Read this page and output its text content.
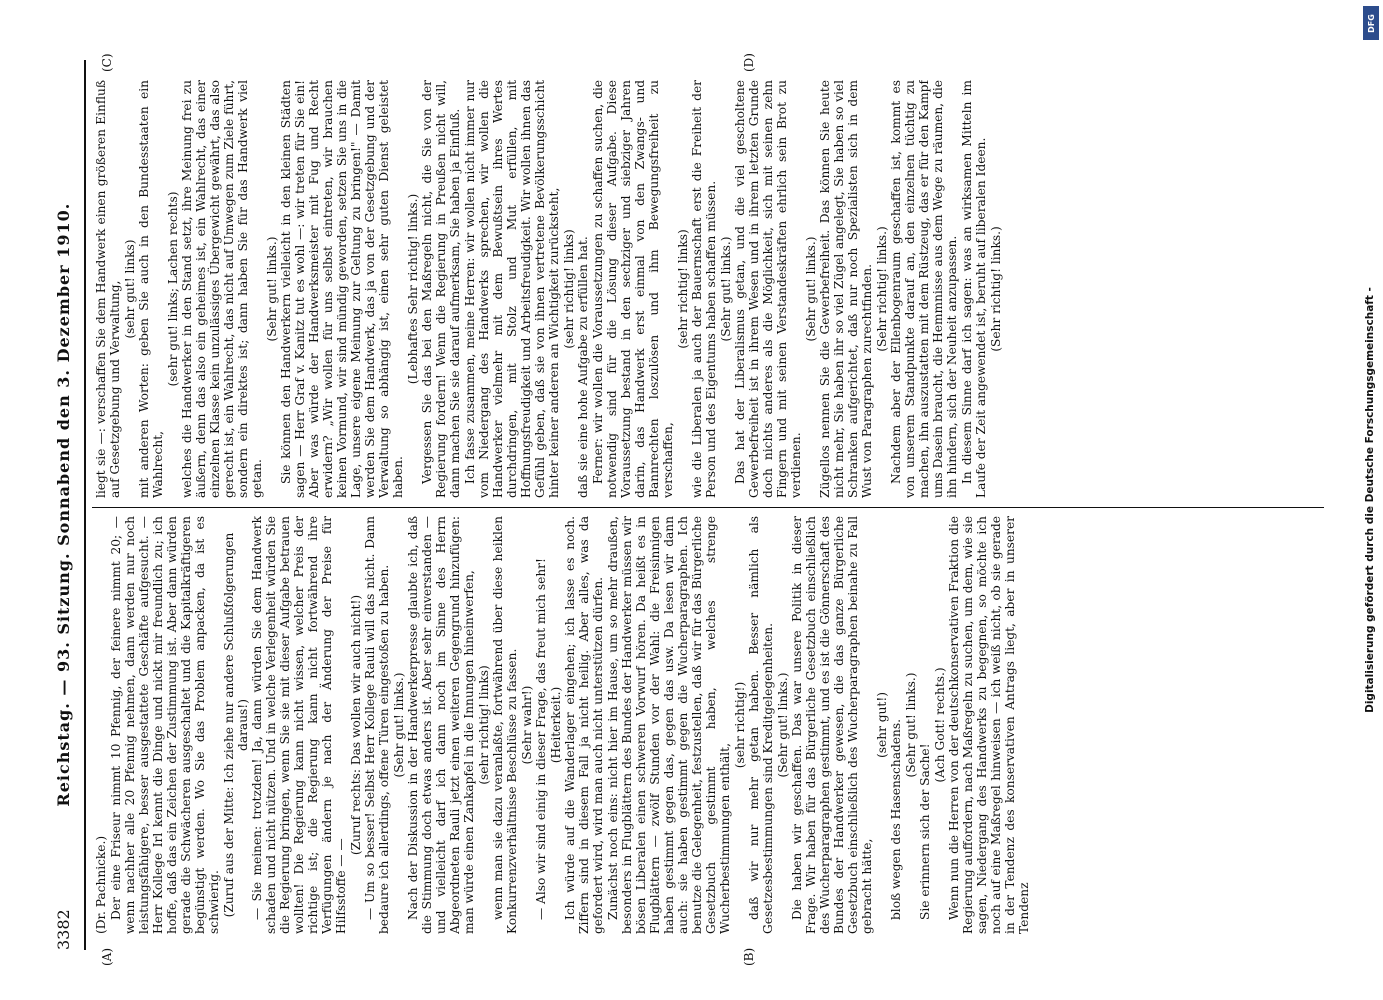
3382
Reichstag. — 93. Sitzung. Sonnabend den 3. Dezember 1910.
(A)	(B)
(C)	(D)

(Dr. Pachnicke.) Der eine Friseur nimmt 10 Pfennig, der feinere nimmt 20; — wenn nachher alle 20 Pfennig nehmen, dann werden nur noch leistungsfähigere, besser ausgestattete Geschäfte aufgesucht. — Herr Kollege Irl kennt die Dinge und nickt mir freundlich zu; ich hoffe, daß das ein Zeichen der Zustimmung ist. Aber dann würden gerade die Schwächeren ausgeschaltet und die Kapitalkräftigeren begünstigt werden. Wo Sie das Problem anpacken, da ist es schwierig. (Zuruf aus der Mitte: Ich ziehe nur andere Schlußfolgerungen daraus!) — Sie meinen: trotzdem! Ja, dann würden Sie dem Handwerk schaden und nicht nützen. Und in welche Verlegenheit würden Sie die Regierung bringen, wenn Sie sie mit dieser Aufgabe betrauen wollten! Die Regierung kann nicht wissen, welcher Preis der richtige ist; die Regierung kann nicht fortwährend ihre Verfügungen ändern je nach der Änderung der Preise für Hilfsstoffe — —

(Zuruf rechts: Das wollen wir auch nicht!) — Um so besser! Selbst Herr Kollege Rauli will das nicht. Dann bedaure ich allerdings, offene Türen eingestoßen zu haben. (Sehr gut! links.) Nach der Diskussion in der Handwerkerpresse glaubte ich, daß die Stimmung doch etwas anders ist. Aber sehr einverstanden — und vielleicht darf ich dann noch im Sinne des Herrn Abgeordneten Rauli jetzt einen weiteren Gegengrund hinzufügen: man würde einen Zankapfel in die Innungen hineinwerfen, (sehr richtig! links) wenn man sie dazu veranlaßte, fortwährend über diese heiklen Konkurrenzverhältnisse Beschlüsse zu fassen. (Sehr wahr!) — Also wir sind einig in dieser Frage, das freut mich sehr! (Heiterkeit.) Ich würde auf die Wanderlager eingehen; ich lasse es noch. Ziffern sind in diesem Fall ja nicht heilig. Aber alles, was da gefordert wird, wird man auch nicht unterstützen dürfen. Zunächst noch eins: nicht hier im Hause, um so mehr draußen, besonders in Flugblättern des Bundes der Handwerker müssen wir bösen Liberalen einen schweren Vorwurf hören. Da heißt es in Flugblättern — zwölf Stunden vor der Wahl: die Freisinnigen haben gestimmt gegen das, gegen das usw. Da lesen wir dann auch: sie haben gestimmt gegen die Wucherparagraphen. Ich benutze die Gelegenheit, festzustellen, daß wir für das Bürgerliche Gesetzbuch gestimmt haben, welches strenge Wucherbestimmungen enthält,

(sehr richtig!) daß wir nur mehr getan haben. Besser nämlich als Gesetzesbestimmungen sind Kreditgelegenheiten. (Sehr gut! links.) Die haben wir geschaffen. Das war unsere Politik in dieser Frage. Wir haben für das Bürgerliche Gesetzbuch einschließlich des Wucherparagraphen gestimmt, und es ist die Gönnerschaft des Bundes der Handwerker gewesen, die das ganze Bürgerliche Gesetzbuch einschließlich des Wucherparagraphen beinahe zu Fall gebracht hätte,

(sehr gut!) bloß wegen des Hasenschadens. (Sehr gut! links.)

Sie erinnern sich der Sache!

(Ach Gott! rechts.) Wenn nun die Herren von der deutschkonservativen Fraktion die Regierung auffordern, nach Maßregeln zu suchen, um dem, wie sie sagen, Niedergang des Handwerks zu begegnen, so möchte ich noch auf eine Maßregel hinweisen — ich weiß nicht, ob sie gerade in der Tendenz des konservativen Antrags liegt, aber in unserer Tendenz

liegt sie —: verschaffen Sie dem Handwerk einen größeren Einfluß auf Gesetzgebung und Verwaltung, (sehr gut! links) mit anderen Worten: geben Sie auch in den Bundesstaaten ein Wahlrecht,

(sehr gut! links; Lachen rechts) welches die Handwerker in den Stand setzt, ihre Meinung frei zu äußern, denn das also ein geheimes ist, ein Wahlrecht, das einer einzelnen Klasse kein unzulässiges Übergewicht gewährt, das also gerecht ist, ein Wahlrecht, das nicht auf Umwegen zum Ziele führt, sondern ein direktes ist; dann haben Sie für das Handwerk viel getan.

(Sehr gut! links.) Sie können den Handwerkern vielleicht in den kleinen Städten sagen — Herr Graf v. Kanitz tut es wohl —: wir treten für Sie ein! Aber was würde der Handwerksmeister mit Fug und Recht erwidern? „Wir wollen für uns selbst eintreten, wir brauchen keinen Vormund, wir sind mündig geworden, setzen Sie uns in die Lage, unsere eigene Meinung zur Geltung zu bringen!" — Damit werden Sie dem Handwerk, das ja von der Gesetzgebung und der Verwaltung so abhängig ist, einen sehr guten Dienst geleistet haben.

(Lebhaftes Sehr richtig! links.) Vergessen Sie das bei den Maßregeln nicht, die Sie von der Regierung fordern! Wenn die Regierung in Preußen nicht will, dann machen Sie sie darauf aufmerksam, Sie haben ja Einfluß. Ich fasse zusammen, meine Herren: wir wollen nicht immer nur vom Niedergang des Handwerks sprechen, wir wollen die Handwerker vielmehr mit dem Bewußtsein ihres Wertes durchdringen, mit Stolz und Mut erfüllen, mit Hoffnungsfreudigkeit und Arbeitsfreudigkeit. Wir wollen ihnen das Gefühl geben, daß sie von ihnen vertretene Bevölkerungsschicht hinter keiner anderen an Wichtigkeit zurücksteht, (sehr richtig! links) daß sie eine hohe Aufgabe zu erfüllen hat. Ferner: wir wollen die Voraussetzungen zu schaffen suchen, die notwendig sind für die Lösung dieser Aufgabe. Diese Voraussetzung bestand in den sechziger und siebziger Jahren darin, das Handwerk erst einmal von den Zwangs- und Bannrechten loszulösen und ihm Bewegungsfreiheit zu verschaffen,

(sehr richtig! links) wie die Liberalen ja auch der Bauernschaft erst die Freiheit der Person und des Eigentums haben schaffen müssen. (Sehr gut! links.) Das hat der Liberalismus getan, und die viel gescholtene Gewerbefreiheit ist in ihrem Wesen und in ihrem letzten Grunde doch nichts anderes als die Möglichkeit, sich mit seinen zehn Fingern und mit seinen Verstandeskräften ehrlich sein Brot zu verdienen.

(Sehr gut! links.) Zügellos nennen Sie die Gewerbefreiheit. Das können Sie heute nicht mehr, Sie haben ihr so viel Zügel angelegt, Sie haben so viel Schranken aufgerichtet, daß nur noch Spezialisten sich in dem Wust von Paragraphen zurechtfinden. (Sehr richtig! links.) Nachdem aber der Ellenbogenraum geschaffen ist, kommt es von unserem Standpunkte darauf an, den einzelnen tüchtig zu machen, ihn auszustatten mit dem Rüstzeug, das er für den Kampf ums Dasein braucht, die Hemmnisse aus dem Wege zu räumen, die ihn hindern, sich der Neuheit anzupassen. In diesem Sinne darf ich sagen: was an wirksamen Mitteln im Laufe der Zeit angewendet ist, beruht auf liberalen Ideen. (Sehr richtig! links.)	Digitalisierung gefördert durch die Deutsche Forschungsgemeinschaft -
DFG
